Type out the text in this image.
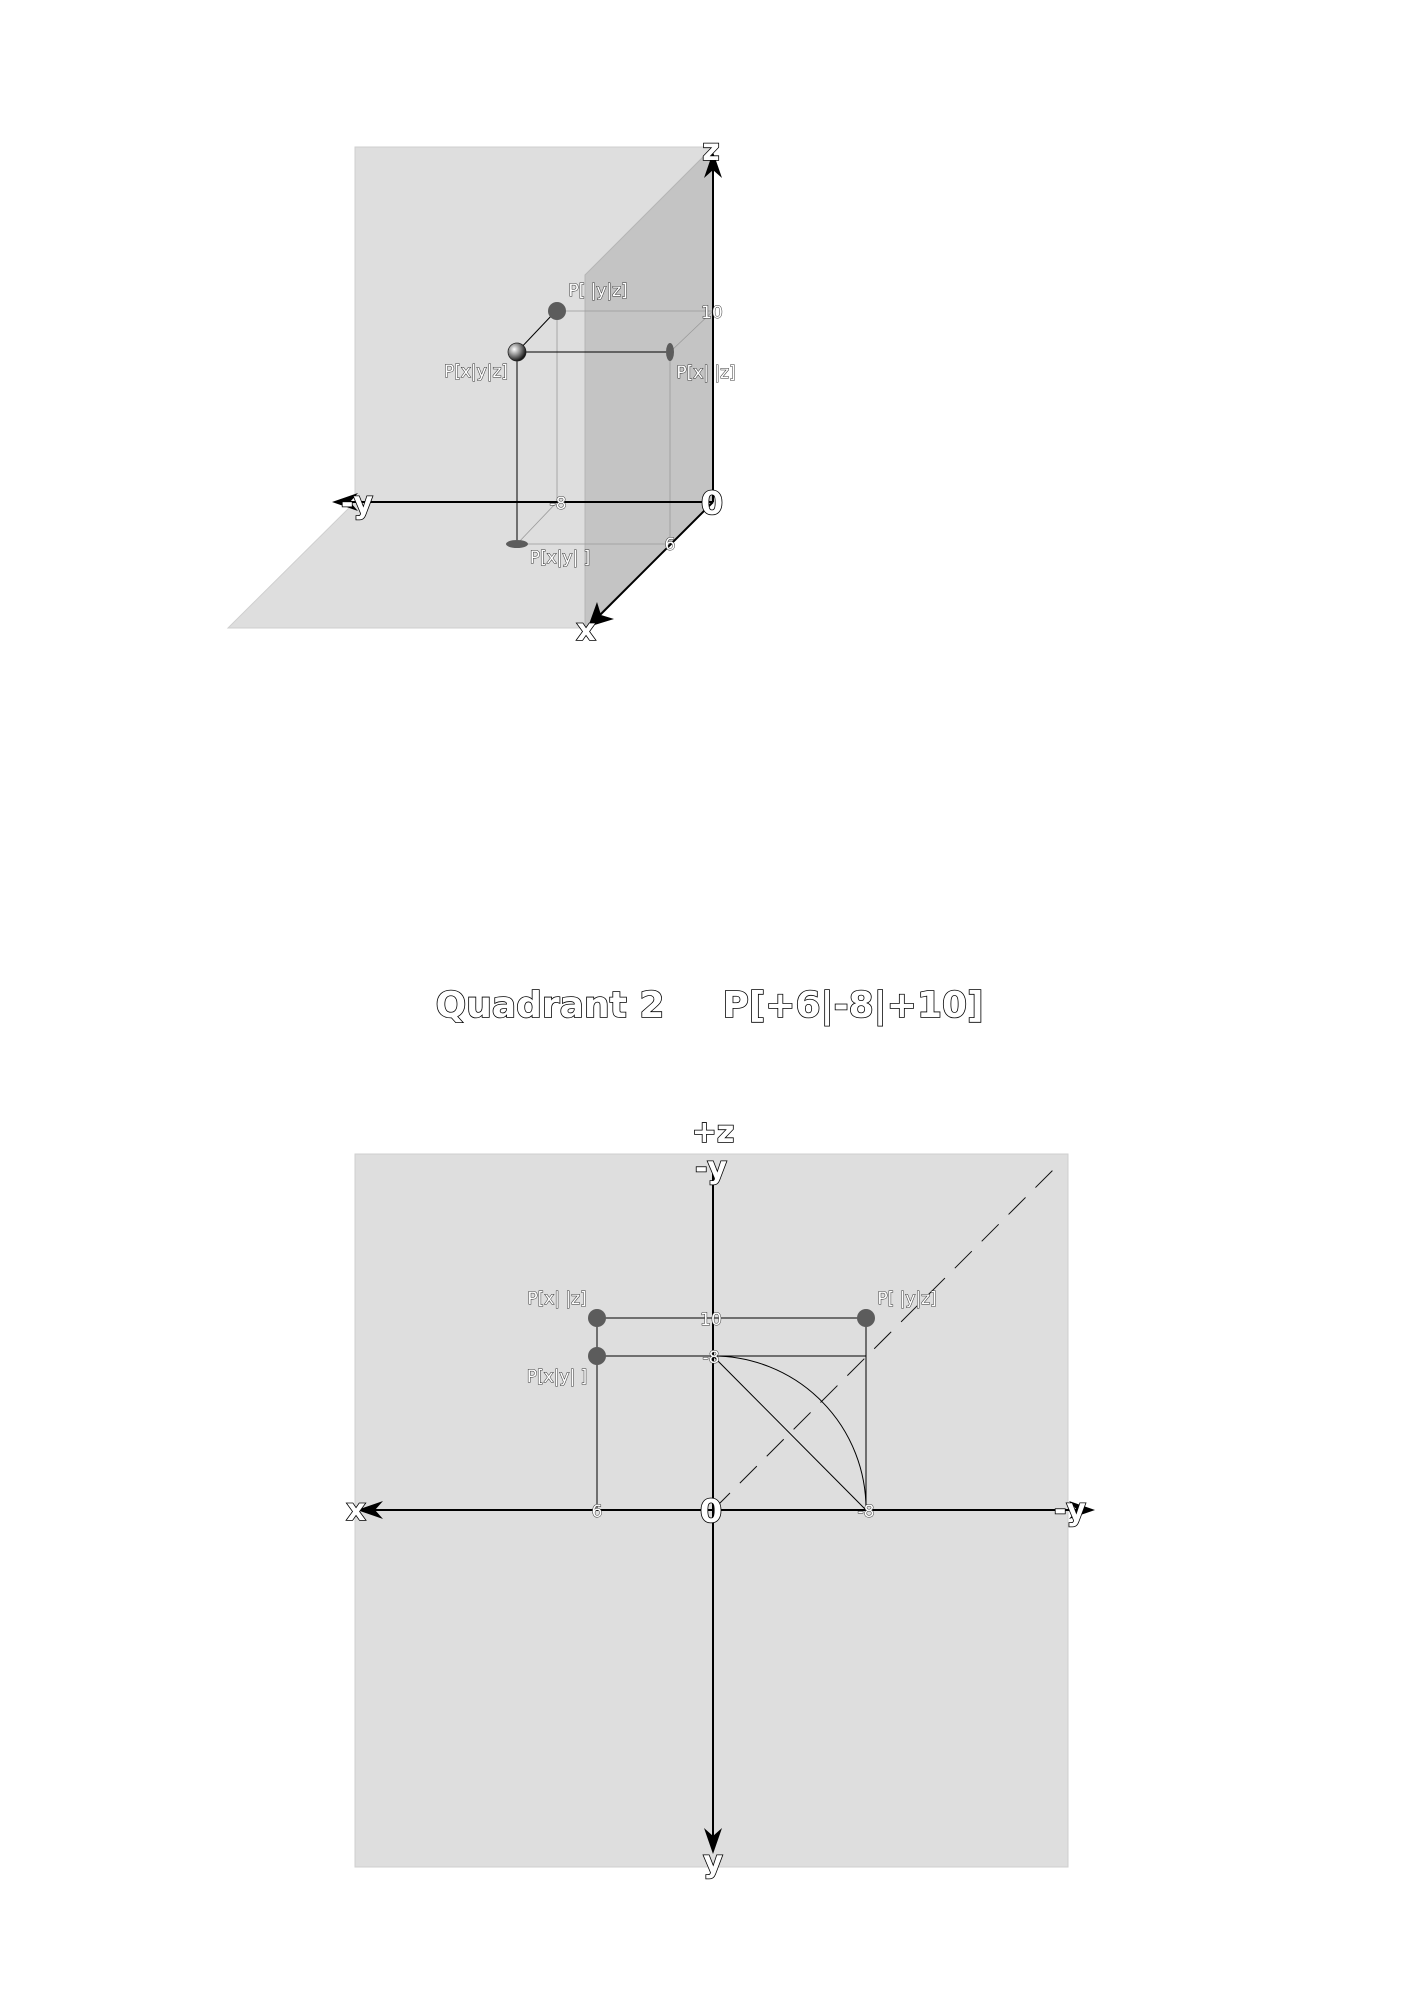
z
-y
x
0
10
-8
6
P[x|y|z]
P[ |y|z]
P[x| |z]
P[x|y| ]
Quadrant 2 P[+6|-8|+10]
+z
-y
x	-y
y
0
10
-8
6	-8
P[x| |z]
P[x|y| ]
P[ |y|z]
